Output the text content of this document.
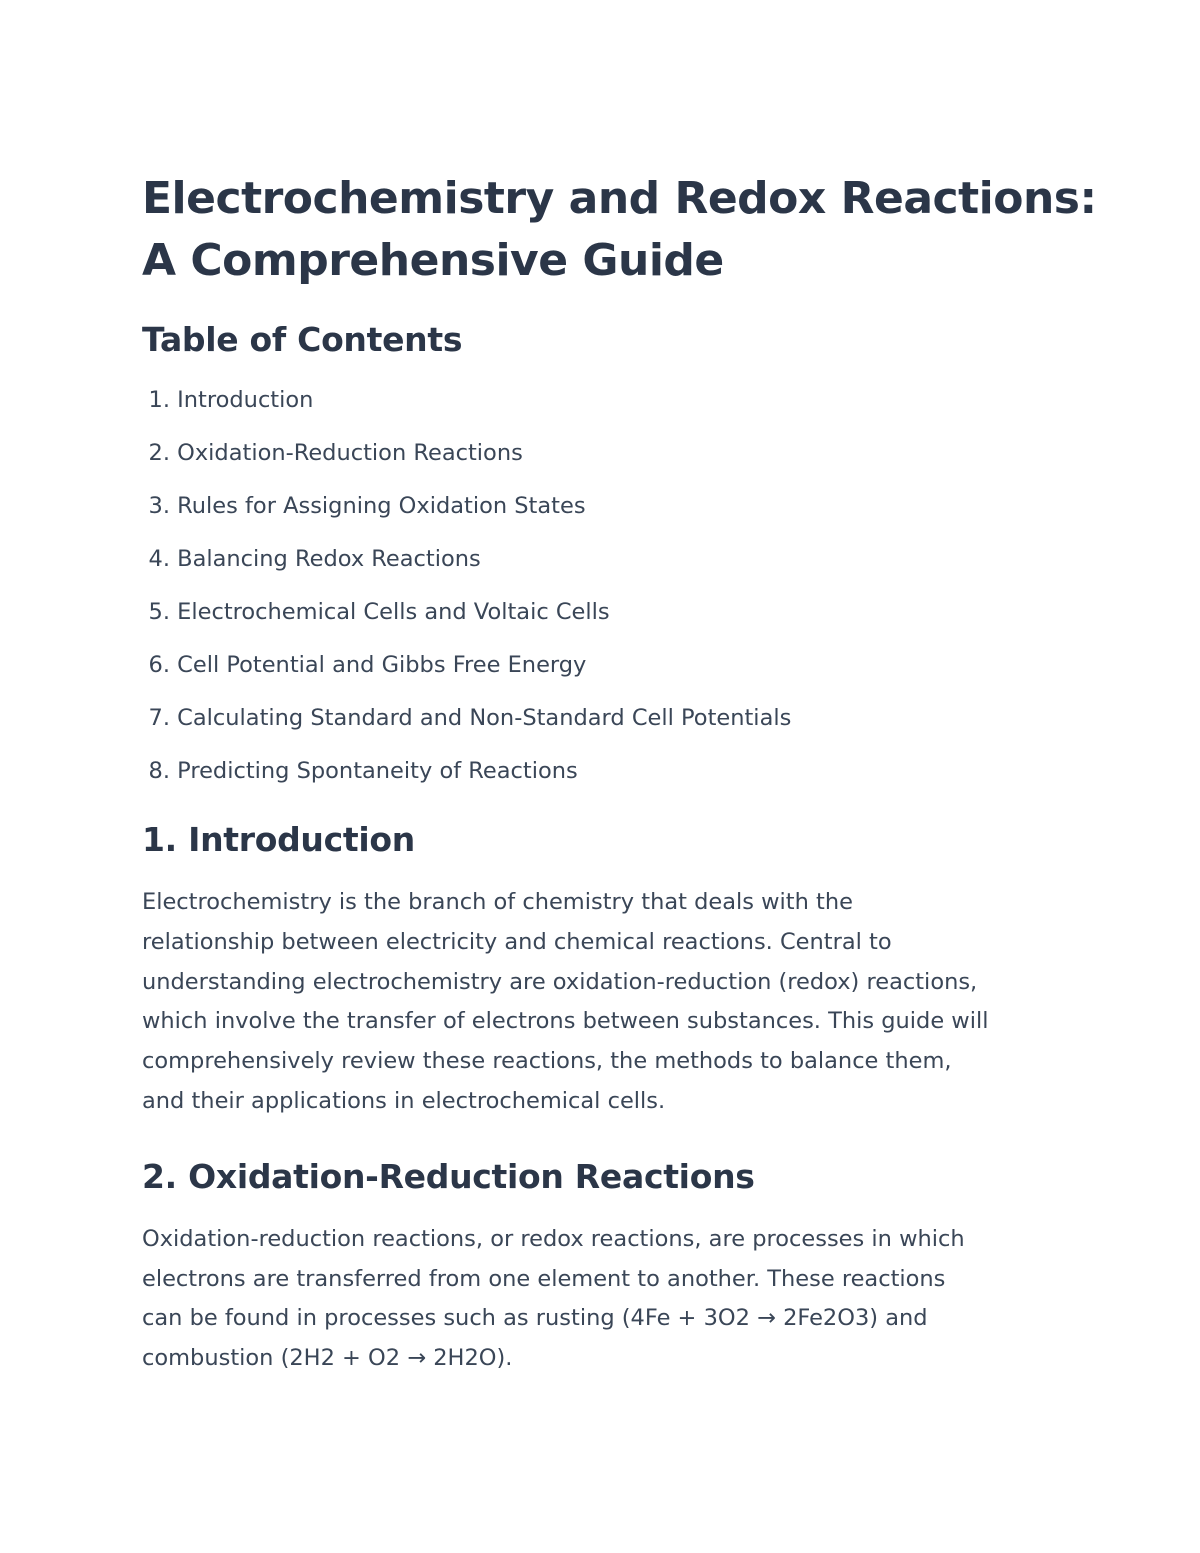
Electrochemistry and Redox Reactions:
A Comprehensive Guide
Table of Contents
1. Introduction
2. Oxidation-Reduction Reactions
3. Rules for Assigning Oxidation States
4. Balancing Redox Reactions
5. Electrochemical Cells and Voltaic Cells
6. Cell Potential and Gibbs Free Energy
7. Calculating Standard and Non-Standard Cell Potentials
8. Predicting Spontaneity of Reactions
1. Introduction

Electrochemistry is the branch of chemistry that deals with the
relationship between electricity and chemical reactions. Central to
understanding electrochemistry are oxidation-reduction (redox) reactions,
which involve the transfer of electrons between substances. This guide will
comprehensively review these reactions, the methods to balance them,
and their applications in electrochemical cells.

2. Oxidation-Reduction Reactions

Oxidation-reduction reactions, or redox reactions, are processes in which
electrons are transferred from one element to another. These reactions
can be found in processes such as rusting (4Fe + 3O2 → 2Fe2O3) and
combustion (2H2 + O2 → 2H2O).
